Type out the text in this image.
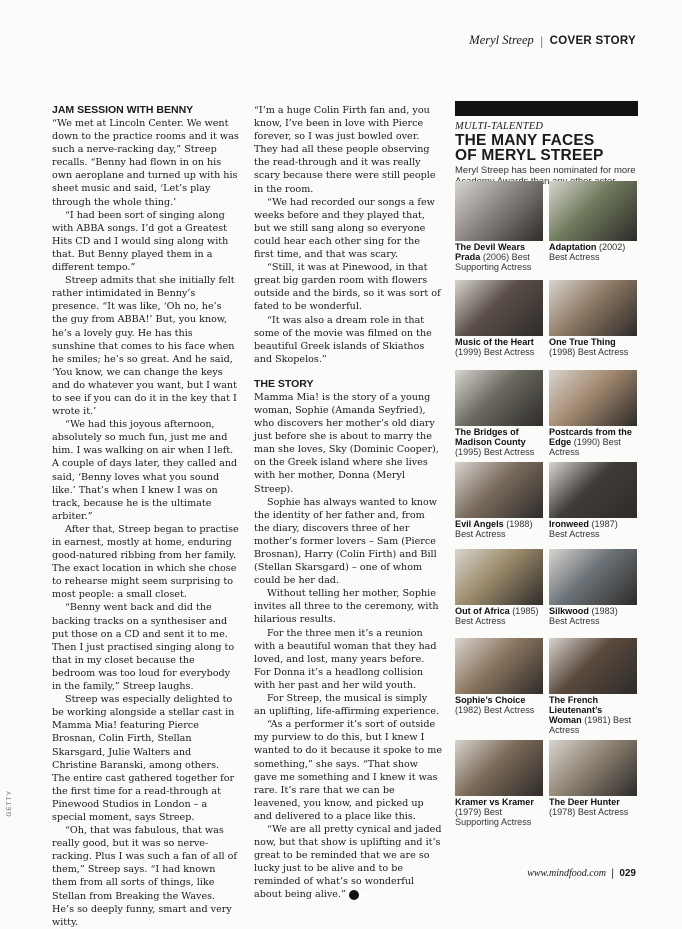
Meryl Streep | COVER STORY
JAM SESSION WITH BENNY

“We met at Lincoln Center. We went down to the practice rooms and it was such a nerve-racking day,” Streep recalls. “Benny had flown in on his own aeroplane and turned up with his sheet music and said, ‘Let’s play through the whole thing.’

“I had been sort of singing along with ABBA songs. I’d got a Greatest Hits CD and I would sing along with that. But Benny played them in a different tempo.”

Streep admits that she initially felt rather intimidated in Benny’s presence. “It was like, ‘Oh no, he’s the guy from ABBA!’ But, you know, he’s a lovely guy. He has this sunshine that comes to his face when he smiles; he’s so great. And he said, ‘You know, we can change the keys and do whatever you want, but I want to see if you can do it in the key that I wrote it.’

“We had this joyous afternoon, absolutely so much fun, just me and him. I was walking on air when I left. A couple of days later, they called and said, ‘Benny loves what you sound like.’ That’s when I knew I was on track, because he is the ultimate arbiter.”

After that, Streep began to practise in earnest, mostly at home, enduring good-natured ribbing from her family. The exact location in which she chose to rehearse might seem surprising to most people: a small closet.

“Benny went back and did the backing tracks on a synthesiser and put those on a CD and sent it to me. Then I just practised singing along to that in my closet because the bedroom was too loud for everybody in the family,” Streep laughs.

Streep was especially delighted to be working alongside a stellar cast in Mamma Mia! featuring Pierce Brosnan, Colin Firth, Stellan Skarsgard, Julie Walters and Christine Baranski, among others. The entire cast gathered together for the first time for a read-through at Pinewood Studios in London – a special moment, says Streep.

“Oh, that was fabulous, that was really good, but it was so nerve-racking. Plus I was such a fan of all of them,” Streep says. “I had known them from all sorts of things, like Stellan from Breaking the Waves. He’s so deeply funny, smart and very witty.

“I’m a huge Colin Firth fan and, you know, I’ve been in love with Pierce forever, so I was just bowled over. They had all these people observing the read-through and it was really scary because there were still people in the room.

“We had recorded our songs a few weeks before and they played that, but we still sang along so everyone could hear each other sing for the first time, and that was scary.

“Still, it was at Pinewood, in that great big garden room with flowers outside and the birds, so it was sort of fated to be wonderful.

“It was also a dream role in that some of the movie was filmed on the beautiful Greek islands of Skiathos and Skopelos.”

THE STORY

Mamma Mia! is the story of a young woman, Sophie (Amanda Seyfried), who discovers her mother’s old diary just before she is about to marry the man she loves, Sky (Dominic Cooper), on the Greek island where she lives with her mother, Donna (Meryl Streep).

Sophie has always wanted to know the identity of her father and, from the diary, discovers three of her mother’s former lovers – Sam (Pierce Brosnan), Harry (Colin Firth) and Bill (Stellan Skarsgard) – one of whom could be her dad.

Without telling her mother, Sophie invites all three to the ceremony, with hilarious results.

For the three men it’s a reunion with a beautiful woman that they had loved, and lost, many years before. For Donna it’s a headlong collision with her past and her wild youth.

For Streep, the musical is simply an uplifting, life-affirming experience.

“As a performer it’s sort of outside my purview to do this, but I knew I wanted to do it because it spoke to me something,” she says. “That show gave me something and I knew it was rare. It’s rare that we can be leavened, you know, and picked up and delivered to a place like this.

“We are all pretty cynical and jaded now, but that show is uplifting and it’s great to be reminded that we are so lucky just to be alive and to be reminded of what’s so wonderful about being alive.”	MF

GETTY
MULTI-TALENTED
THE MANY FACES
OF MERYL STREEP
Meryl Streep has been nominated for more
The Devil Wears Prada (2006) Best Supporting Actress
Adaptation (2002) Best Actress
Music of the Heart (1999) Best Actress
One True Thing (1998) Best Actress
The Bridges of Madison County (1995) Best Actress
Postcards from the Edge (1990) Best Actress
Evil Angels (1988) Best Actress
Ironweed (1987) Best Actress
Out of Africa (1985) Best Actress
Silkwood (1983) Best Actress
Sophie’s Choice (1982) Best Actress
The French Lieutenant’s Woman (1981) Best Actress
Kramer vs Kramer (1979) Best Supporting Actress
The Deer Hunter (1978) Best Actress
www.mindfood.com | 029
